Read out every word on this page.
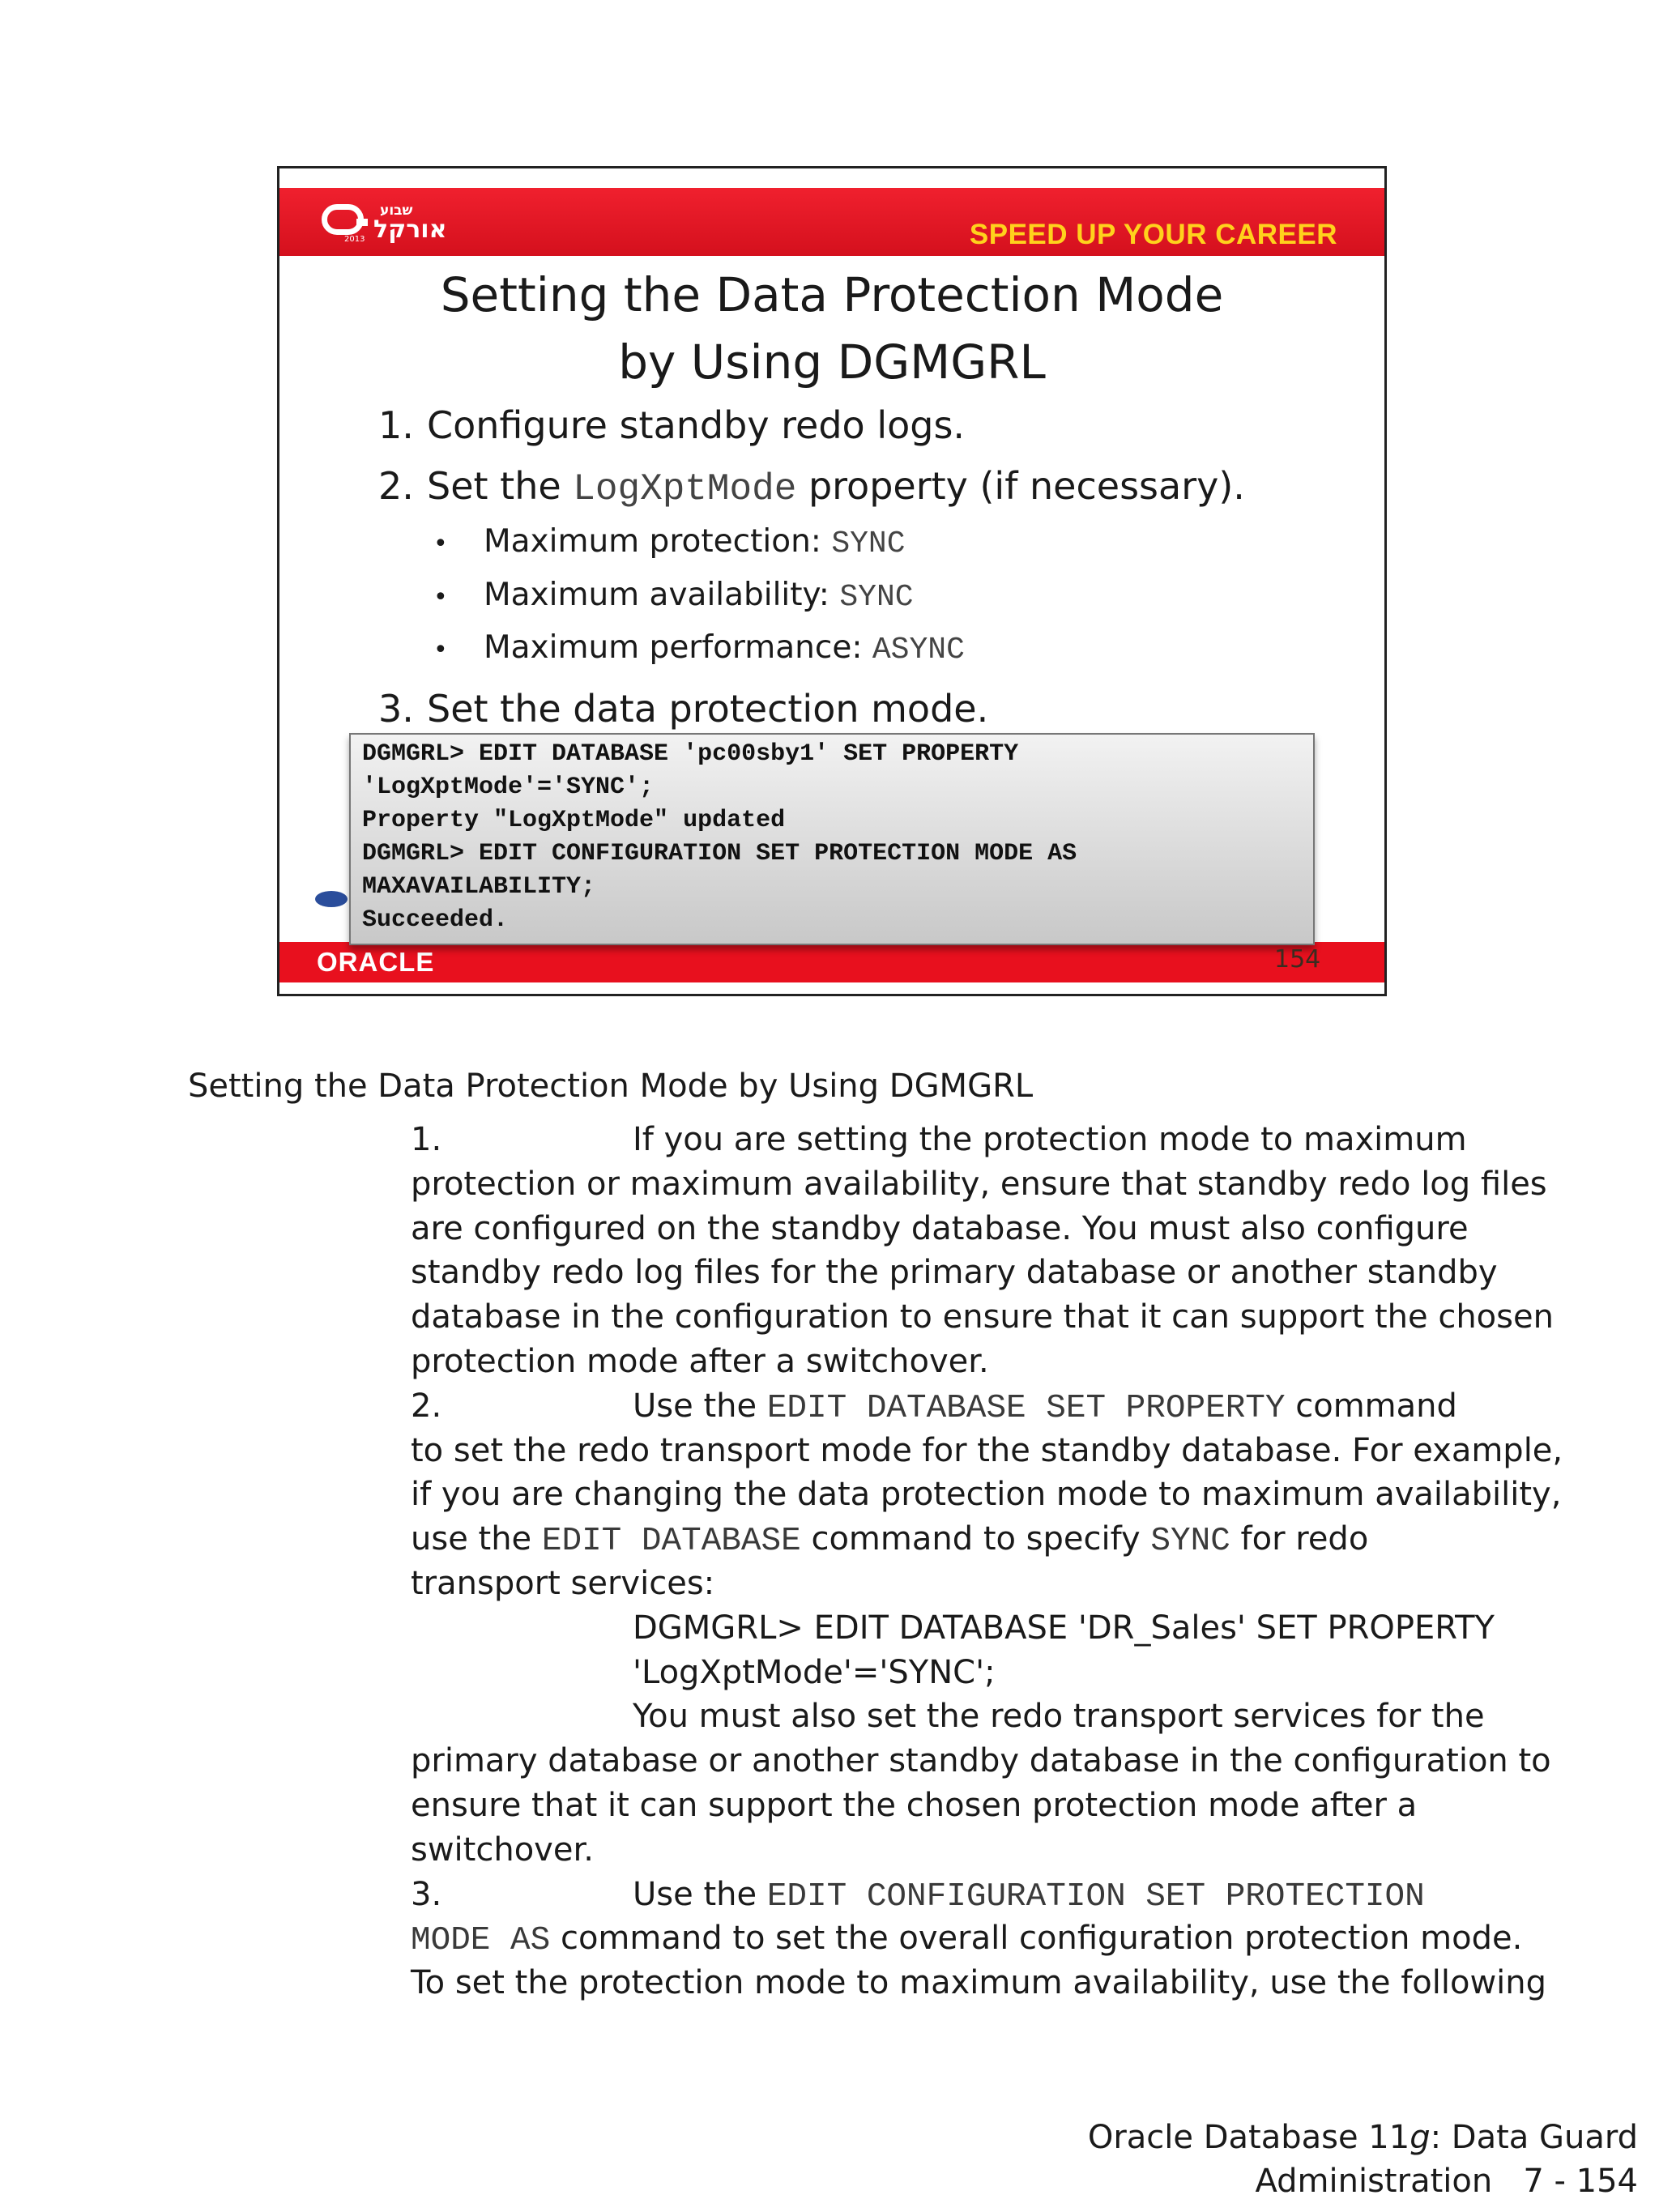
שבוע
אורקל
2013	SPEED UP YOUR CAREER
Setting the Data Protection Mode
by Using DGMGRL
1. Configure standby redo logs.
2. Set the LogXptMode property (if necessary).
• Maximum protection: SYNC
• Maximum availability: SYNC
• Maximum performance: ASYNC
3. Set the data protection mode.
DGMGRL> EDIT DATABASE 'pc00sby1' SET PROPERTY
'LogXptMode'='SYNC';
Property "LogXptMode" updated
DGMGRL> EDIT CONFIGURATION SET PROTECTION MODE AS
MAXAVAILABILITY;
Succeeded.
ORACLE	154
Setting the Data Protection Mode by Using DGMGRL
1.	If you are setting the protection mode to maximum
protection or maximum availability, ensure that standby redo log files
are configured on the standby database. You must also configure
standby redo log files for the primary database or another standby
database in the configuration to ensure that it can support the chosen
protection mode after a switchover.
2.	Use the EDIT DATABASE SET PROPERTY command
to set the redo transport mode for the standby database. For example,
if you are changing the data protection mode to maximum availability,
use the EDIT DATABASE command to specify SYNC for redo
transport services:
DGMGRL> EDIT DATABASE 'DR_Sales' SET PROPERTY
'LogXptMode'='SYNC';
You must also set the redo transport services for the
primary database or another standby database in the configuration to
ensure that it can support the chosen protection mode after a
switchover.
3.	Use the EDIT CONFIGURATION SET PROTECTION
MODE AS command to set the overall configuration protection mode.
To set the protection mode to maximum availability, use the following
Oracle Database 11g: Data Guard
Administration   7 - 154
